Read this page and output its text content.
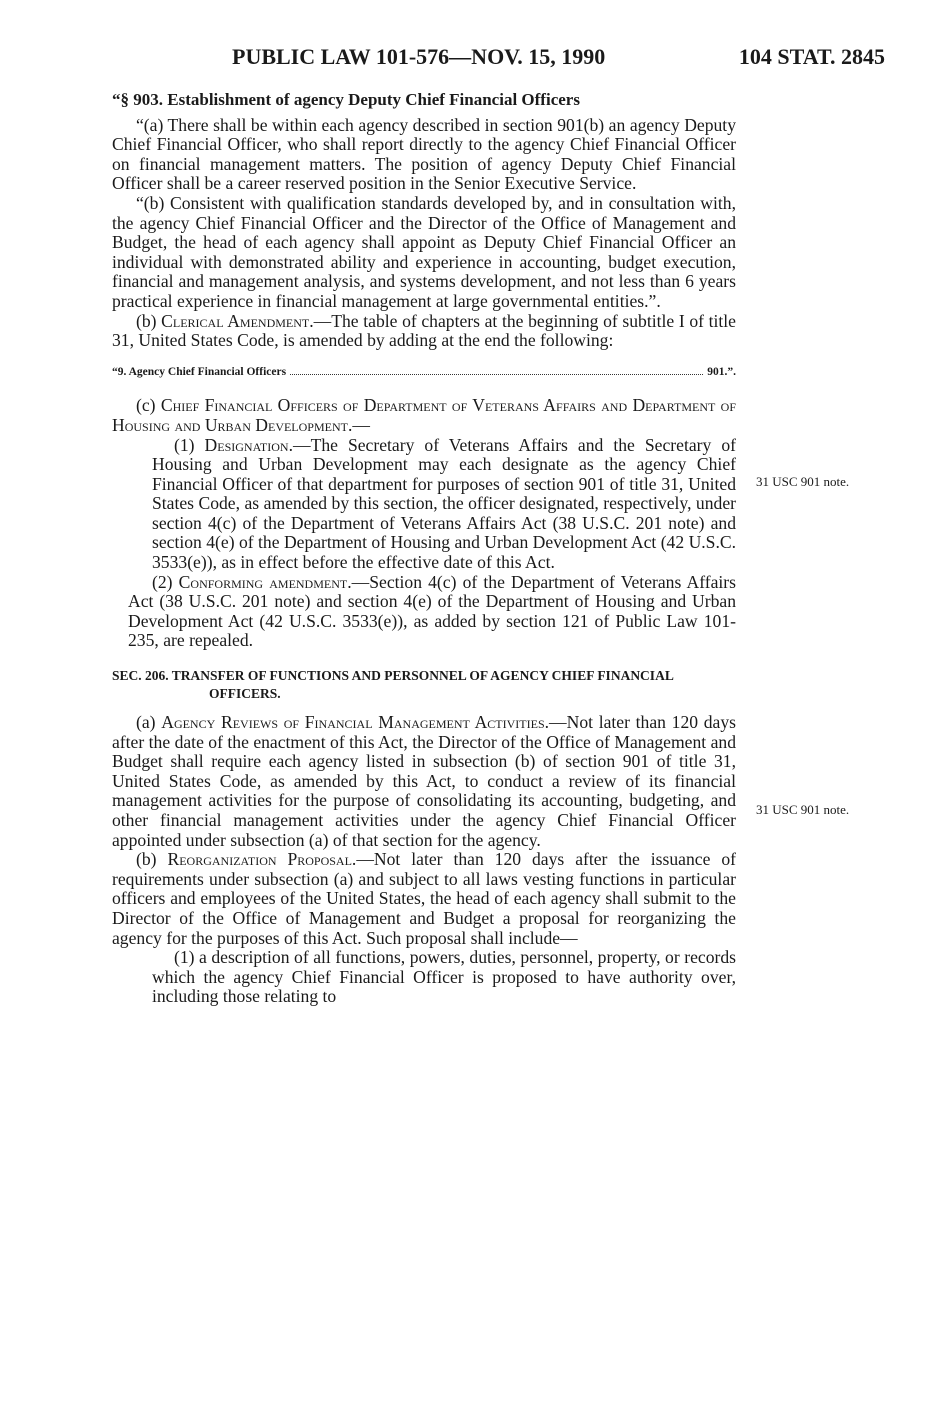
PUBLIC LAW 101-576—NOV. 15, 1990	104 STAT. 2845

“§ 903. Establishment of agency Deputy Chief Financial Officers

“(a) There shall be within each agency described in section 901(b) an agency Deputy Chief Financial Officer, who shall report directly to the agency Chief Financial Officer on financial management matters. The position of agency Deputy Chief Financial Officer shall be a career reserved position in the Senior Executive Service.

“(b) Consistent with qualification standards developed by, and in consultation with, the agency Chief Financial Officer and the Director of the Office of Management and Budget, the head of each agency shall appoint as Deputy Chief Financial Officer an individual with demonstrated ability and experience in accounting, budget execution, financial and management analysis, and systems development, and not less than 6 years practical experience in financial management at large governmental entities.”.

(b) Clerical Amendment.—The table of chapters at the beginning of subtitle I of title 31, United States Code, is amended by adding at the end the following:

“9. Agency Chief Financial Officers	901.”.

(c) Chief Financial Officers of Department of Veterans Affairs and Department of Housing and Urban Development.—

(1) Designation.—The Secretary of Veterans Affairs and the Secretary of Housing and Urban Development may each designate as the agency Chief Financial Officer of that department for purposes of section 901 of title 31, United States Code, as amended by this section, the officer designated, respectively, under section 4(c) of the Department of Veterans Affairs Act (38 U.S.C. 201 note) and section 4(e) of the Department of Housing and Urban Development Act (42 U.S.C. 3533(e)), as in effect before the effective date of this Act.

(2) Conforming amendment.—Section 4(c) of the Department of Veterans Affairs Act (38 U.S.C. 201 note) and section 4(e) of the Department of Housing and Urban Development Act (42 U.S.C. 3533(e)), as added by section 121 of Public Law 101-235, are repealed.

SEC. 206. TRANSFER OF FUNCTIONS AND PERSONNEL OF AGENCY CHIEF FINANCIAL OFFICERS.

(a) Agency Reviews of Financial Management Activities.—Not later than 120 days after the date of the enactment of this Act, the Director of the Office of Management and Budget shall require each agency listed in subsection (b) of section 901 of title 31, United States Code, as amended by this Act, to conduct a review of its financial management activities for the purpose of consolidating its accounting, budgeting, and other financial management activities under the agency Chief Financial Officer appointed under subsection (a) of that section for the agency.

(b) Reorganization Proposal.—Not later than 120 days after the issuance of requirements under subsection (a) and subject to all laws vesting functions in particular officers and employees of the United States, the head of each agency shall submit to the Director of the Office of Management and Budget a proposal for reorganizing the agency for the purposes of this Act. Such proposal shall include—

(1) a description of all functions, powers, duties, personnel, property, or records which the agency Chief Financial Officer is proposed to have authority over, including those relating to

31 USC 901 note.
31 USC 901 note.
